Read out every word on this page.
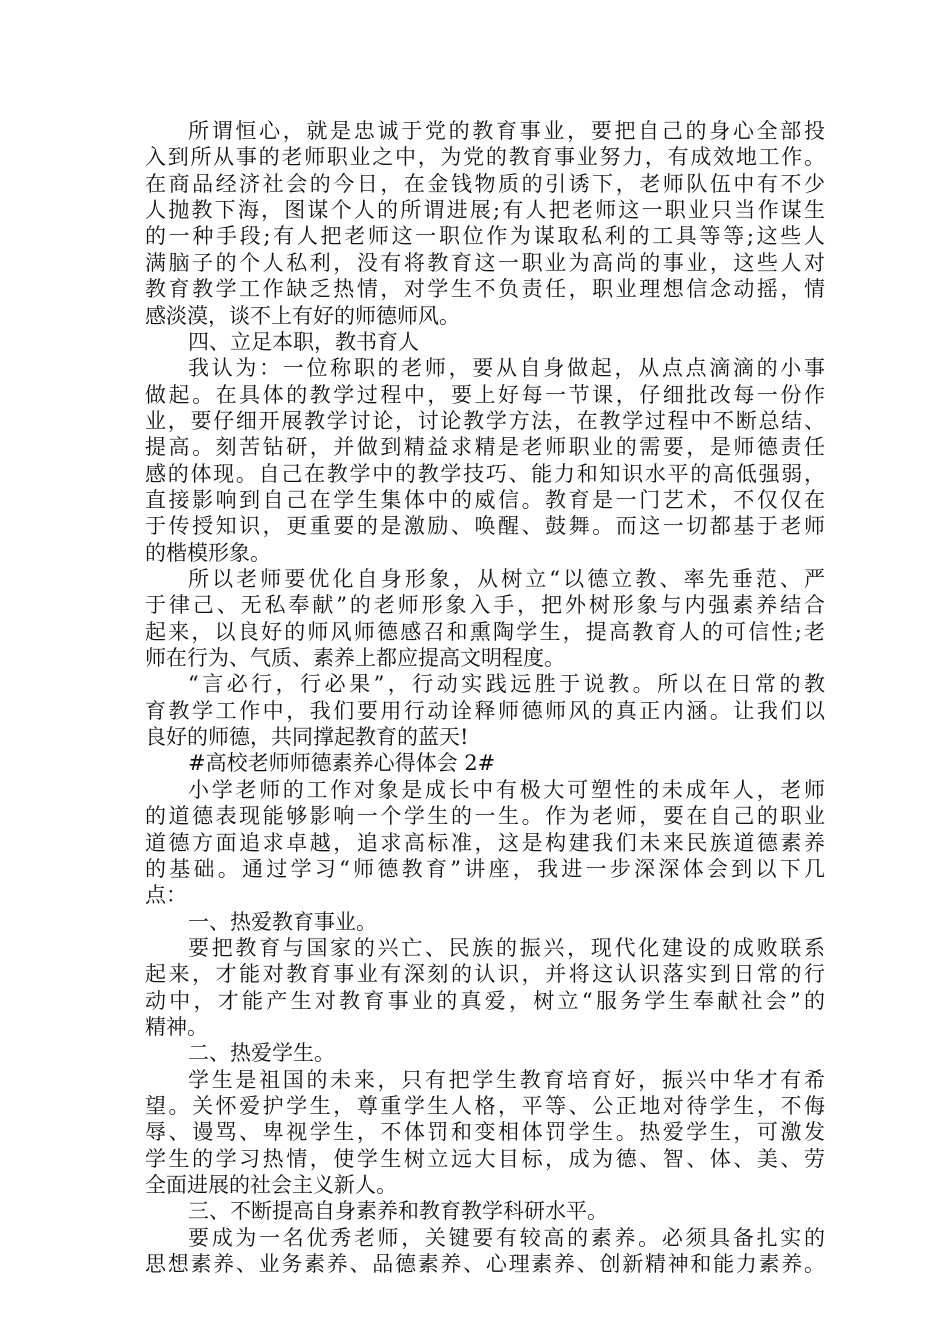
所谓恒心，就是忠诚于党的教育事业，要把自己的身心全部投
入到所从事的老师职业之中，为党的教育事业努力，有成效地工作。
在商品经济社会的今日，在金钱物质的引诱下，老师队伍中有不少
人抛教下海，图谋个人的所谓进展;有人把老师这一职业只当作谋生
的一种手段;有人把老师这一职位作为谋取私利的工具等等;这些人
满脑子的个人私利，没有将教育这一职业为高尚的事业，这些人对
教育教学工作缺乏热情，对学生不负责任，职业理想信念动摇，情
感淡漠，谈不上有好的师德师风。
四、立足本职，教书育人
我认为：一位称职的老师，要从自身做起，从点点滴滴的小事
做起。在具体的教学过程中，要上好每一节课，仔细批改每一份作
业，要仔细开展教学讨论，讨论教学方法，在教学过程中不断总结、
提高。刻苦钻研，并做到精益求精是老师职业的需要，是师德责任
感的体现。自己在教学中的教学技巧、能力和知识水平的高低强弱，
直接影响到自己在学生集体中的威信。教育是一门艺术，不仅仅在
于传授知识，更重要的是激励、唤醒、鼓舞。而这一切都基于老师
的楷模形象。
所以老师要优化自身形象，从树立“以德立教、率先垂范、严
于律己、无私奉献”的老师形象入手，把外树形象与内强素养结合
起来，以良好的师风师德感召和熏陶学生，提高教育人的可信性;老
师在行为、气质、素养上都应提高文明程度。
“言必行，行必果”，行动实践远胜于说教。所以在日常的教
育教学工作中，我们要用行动诠释师德师风的真正内涵。让我们以
良好的师德，共同撑起教育的蓝天!
#高校老师师德素养心得体会 2#
小学老师的工作对象是成长中有极大可塑性的未成年人，老师
的道德表现能够影响一个学生的一生。作为老师，要在自己的职业
道德方面追求卓越，追求高标准，这是构建我们未来民族道德素养
的基础。通过学习“师德教育”讲座，我进一步深深体会到以下几
点：
一、热爱教育事业。
要把教育与国家的兴亡、民族的振兴，现代化建设的成败联系
起来，才能对教育事业有深刻的认识，并将这认识落实到日常的行
动中，才能产生对教育事业的真爱，树立“服务学生奉献社会”的
精神。
二、热爱学生。
学生是祖国的未来，只有把学生教育培育好，振兴中华才有希
望。关怀爱护学生，尊重学生人格，平等、公正地对待学生，不侮
辱、谩骂、卑视学生，不体罚和变相体罚学生。热爱学生，可激发
学生的学习热情，使学生树立远大目标，成为德、智、体、美、劳
全面进展的社会主义新人。
三、不断提高自身素养和教育教学科研水平。
要成为一名优秀老师，关键要有较高的素养。必须具备扎实的
思想素养、业务素养、品德素养、心理素养、创新精神和能力素养。
